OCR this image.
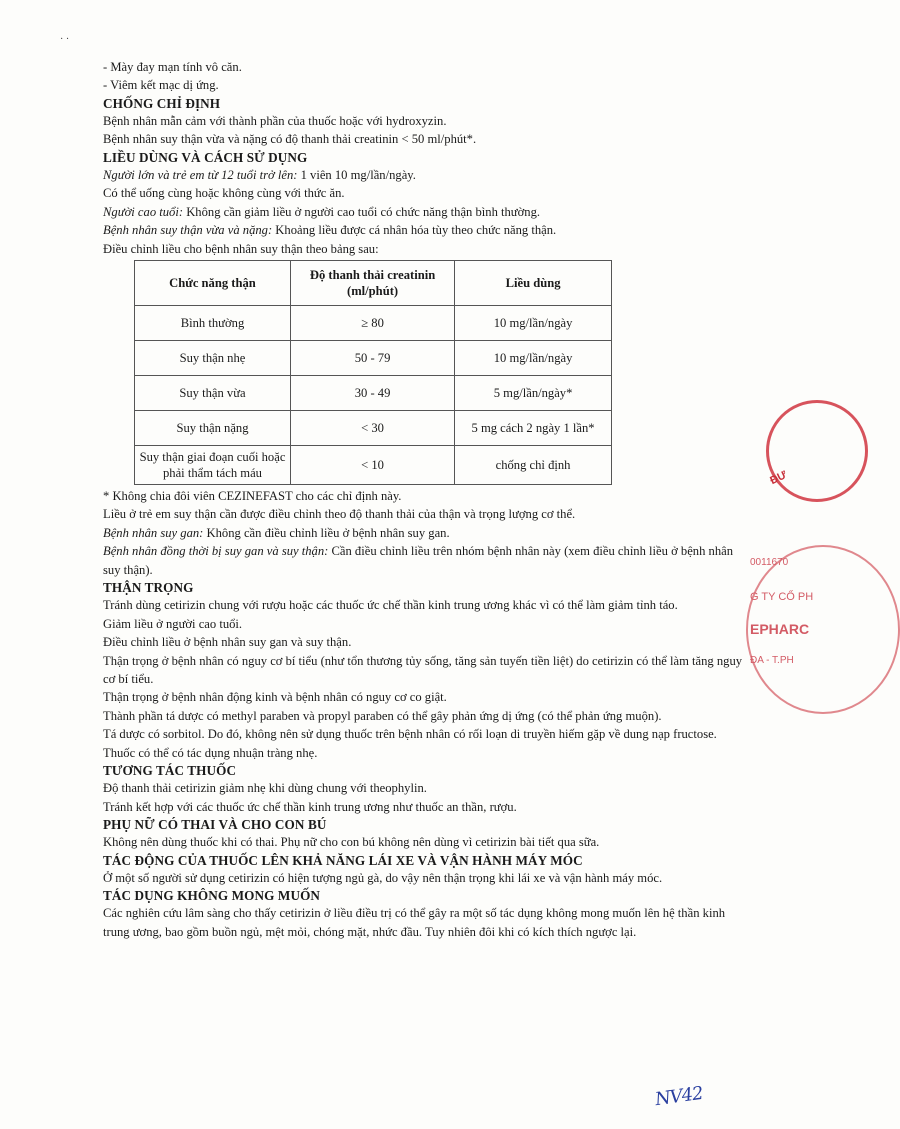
· ·

- Mày đay mạn tính vô căn.

- Viêm kết mạc dị ứng.

CHỐNG CHỈ ĐỊNH

Bệnh nhân mẫn cảm với thành phần của thuốc hoặc với hydroxyzin.

Bệnh nhân suy thận vừa và nặng có độ thanh thải creatinin < 50 ml/phút*.

LIỀU DÙNG VÀ CÁCH SỬ DỤNG

Người lớn và trẻ em từ 12 tuổi trở lên: 1 viên 10 mg/lần/ngày.

Có thể uống cùng hoặc không cùng với thức ăn.

Người cao tuổi: Không cần giảm liều ở người cao tuổi có chức năng thận bình thường.

Bệnh nhân suy thận vừa và nặng: Khoảng liều được cá nhân hóa tùy theo chức năng thận.

Điều chỉnh liều cho bệnh nhân suy thận theo bảng sau:

Chức năng thận	Độ thanh thải creatinin (ml/phút)	Liều dùng
Bình thường	≥ 80	10 mg/lần/ngày
Suy thận nhẹ	50 - 79	10 mg/lần/ngày
Suy thận vừa	30 - 49	5 mg/lần/ngày*
Suy thận nặng	< 30	5 mg cách 2 ngày 1 lần*
Suy thận giai đoạn cuối hoặc phải thẩm tách máu	< 10	chống chỉ định

* Không chia đôi viên CEZINEFAST cho các chỉ định này.

Liều ở trẻ em suy thận cần được điều chỉnh theo độ thanh thải của thận và trọng lượng cơ thể.

Bệnh nhân suy gan: Không cần điều chỉnh liều ở bệnh nhân suy gan.

Bệnh nhân đồng thời bị suy gan và suy thận: Cần điều chỉnh liều trên nhóm bệnh nhân này (xem điều chỉnh liều ở bệnh nhân suy thận).

THẬN TRỌNG

Tránh dùng cetirizin chung với rượu hoặc các thuốc ức chế thần kinh trung ương khác vì có thể làm giảm tỉnh táo.

Giảm liều ở người cao tuổi.

Điều chỉnh liều ở bệnh nhân suy gan và suy thận.

Thận trọng ở bệnh nhân có nguy cơ bí tiểu (như tổn thương tủy sống, tăng sản tuyến tiền liệt) do cetirizin có thể làm tăng nguy cơ bí tiểu.

Thận trọng ở bệnh nhân động kinh và bệnh nhân có nguy cơ co giật.

Thành phần tá dược có methyl paraben và propyl paraben có thể gây phản ứng dị ứng (có thể phản ứng muộn).

Tá dược có sorbitol. Do đó, không nên sử dụng thuốc trên bệnh nhân có rối loạn di truyền hiếm gặp về dung nạp fructose. Thuốc có thể có tác dụng nhuận tràng nhẹ.

TƯƠNG TÁC THUỐC

Độ thanh thải cetirizin giảm nhẹ khi dùng chung với theophylin.

Tránh kết hợp với các thuốc ức chế thần kinh trung ương như thuốc an thần, rượu.

PHỤ NỮ CÓ THAI VÀ CHO CON BÚ

Không nên dùng thuốc khi có thai. Phụ nữ cho con bú không nên dùng vì cetirizin bài tiết qua sữa.

TÁC ĐỘNG CỦA THUỐC LÊN KHẢ NĂNG LÁI XE VÀ VẬN HÀNH MÁY MÓC

Ở một số người sử dụng cetirizin có hiện tượng ngủ gà, do vậy nên thận trọng khi lái xe và vận hành máy móc.

TÁC DỤNG KHÔNG MONG MUỐN

Các nghiên cứu lâm sàng cho thấy cetirizin ở liều điều trị có thể gây ra một số tác dụng không mong muốn lên hệ thần kinh trung ương, bao gồm buồn ngủ, mệt mỏi, chóng mặt, nhức đầu. Tuy nhiên đôi khi có kích thích ngược lại.

ĐƯ
0011670
G TY CỔ PH
EPHARC
ĐA - T.PH
NV42
